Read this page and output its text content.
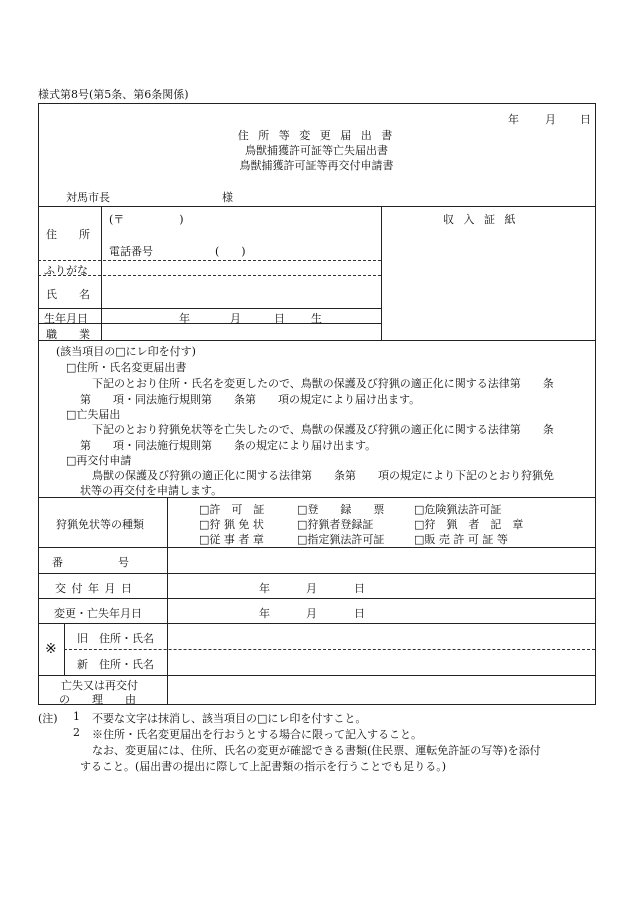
様式第8号(第5条、第6条関係)
年 月 日
住 所 等 変 更 届 出 書
鳥獣捕獲許可証等亡失届出書
鳥獣捕獲許可証等再交付申請書
対馬市長	様
住　　所
(〒　　　　　)
電話番号	(　　)
ふりがな
氏　　名
生年月日	年	月	日 生
職　　業
収 入 証 紙
(該当項目の□にレ印を付す)
□住所・氏名変更届出書
下記のとおり住所・氏名を変更したので、鳥獣の保護及び狩猟の適正化に関する法律第　　条
第　　項・同法施行規則第　　条第　　項の規定により届け出ます。
□亡失届出
下記のとおり狩猟免状等を亡失したので、鳥獣の保護及び狩猟の適正化に関する法律第　　条
第　　項・同法施行規則第　　条の規定により届け出ます。
□再交付申請
鳥獣の保護及び狩猟の適正化に関する法律第　　条第　　項の規定により下記のとおり狩猟免
状等の再交付を申請します。
狩猟免状等の種類
□許　可　証	□登　　録　　票	□危険猟法許可証
□狩 猟 免 状	□狩猟者登録証	□狩　猟　者　記　章
□従 事 者 章	□指定猟法許可証	□販 売 許 可 証 等
番　　　　　号
交 付 年 月 日	年	月	日
変更・亡失年月日	年	月	日
※
旧　住所・氏名
新　住所・氏名
亡失又は再交付
の　　理　　由
(注) 1 不要な文字は抹消し、該当項目の□にレ印を付すこと。
2 ※住所・氏名変更届出を行おうとする場合に限って記入すること。
なお、変更届には、住所、氏名の変更が確認できる書類(住民票、運転免許証の写等)を添付
すること。(届出書の提出に際して上記書類の指示を行うことでも足りる。)
